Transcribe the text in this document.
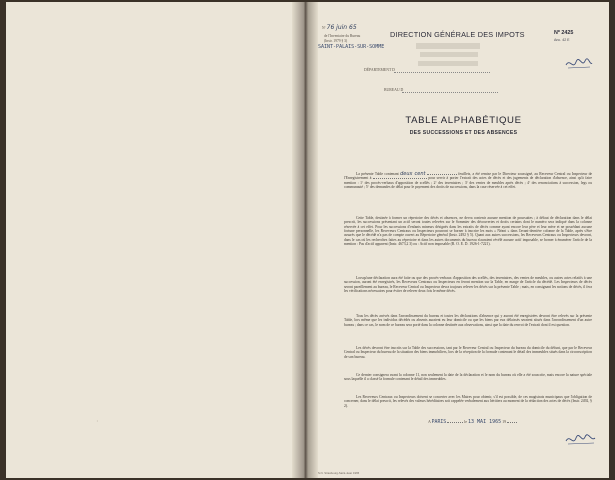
·
Nº 76 juin 65
de l'Inventaire du Bureau
(Instr. 1979 § 3)
SAINT-PALAIS-SUR-SOMME
DÉPARTEMENT D
BUREAU D
DIRECTION GÉNÉRALE DES IMPOTS	Nº 2425
Anc. 42 E
TABLE ALPHABÉTIQUE
DES SUCCESSIONS ET DES ABSENCES
La présente Table contenant deux cent	feuillets, a été remise par le Directeur soussigné, au Receveur Central ou Inspecteur de l'Enregistrement à	pour servir à porter l'extrait des actes de décès et des jugements de déclaration d'absence, ainsi qu'à faire mention : 1º des procès-verbaux d'apposition de scellés ; 2º des inventaires ; 3º des ventes de meubles après décès ; 4º des renonciations à succession, legs ou communauté ; 5º des demandes de délai pour le payement des droits de successions, dans la case réservée à cet effet.
Cette Table, destinée à former un répertoire des décès et absences, ne devra contenir aucune mention de poursuites ; à défaut de déclaration dans le délai prescrit, les successions présentant un actif seront toutes relevées sur le Sommier des découvertes et droits certains dont le numéro sera indiqué dans la colonne réservée à cet effet. Pour les successions d'enfants mineurs désignés dans les extraits de décès comme ayant encore leur père et leur mère et ne possédant aucune fortune personnelle, les Receveurs Centraux ou Inspecteurs pourront se borner à inscrire les mots « Néant » dans l'avant-dernière colonne de la Table, après s'être assurés que le décédé n'a pas de compte ouvert au Répertoire général (Instr. 2492 § 5). Quant aux autres successions, les Receveurs Centraux ou Inspecteurs devront, dans le cas où les recherches faites au répertoire et dans les autres documents du bureau n'auraient révélé aucune actif imposable, se borner à énumérer l'article de la mention : Pas d'actif apparent (Instr. 4673,2 3) ou : Actif non imposable (R. O. E. D. 1926-1-7221).
Lorsqu'une déclaration aura été faite ou que des procès-verbaux d'apposition des scellés, des inventaires, des ventes de meubles, ou autres actes relatifs à une succession, auront été enregistrés, les Receveurs Centraux ou Inspecteurs en feront mention sur la Table, en marge de l'article du décédé. Les Inspecteurs de décès seront pareillement au bureau, le Receveur Central ou Inspecteur devra toujours relever les décès sur la présente Table ; mais, en consignant les notions de décès, il fera les vérifications nécessaires pour éviter de relever deux fois le même décès.
Tous les décès arrivés dans l'arrondissement du bureau et toutes les déclarations d'absence qui y auront été enregistrées devront être relevés sur la présente Table, lors même que les individus décédés ou absents auraient eu leur domicile ou que les biens par eux délaissés seraient situés dans l'arrondissement d'un autre bureau ; dans ce cas, le nom de ce bureau sera porté dans la colonne destinée aux observations, ainsi que la date du renvoi de l'extrait dont il est question.
Les décès devront être inscrits sur la Table des successions, tant par le Receveur Central ou Inspecteur du bureau du domicile du défunt, que par le Receveur Central ou Inspecteur du bureau de la situation des biens immobiliers, lors de la réception de la formule contenant le détail des immeubles situés dans la circonscription de son bureau.
Ce dernier consignera avant la colonne 11, non seulement la date de la déclaration et le nom du bureau où elle a été souscrite, mais encore la nature spéciale sous laquelle il a classé la formule contenant le détail des immeubles.
Les Receveurs Centraux ou Inspecteurs doivent se concerter avec les Maires pour obtenir, s'il est possible, de ces magistrats municipaux que l'obligation de concerner, dans le délai prescrit, les relevés des valeurs héréditaires soit rappelée verbalement aux héritiers au moment de la rédaction des actes de décès (Instr. 2492, § 2).
A PARIS	le 13 MAI 1965 19
S.N. Strasbourg-Saint-Jean 1965
